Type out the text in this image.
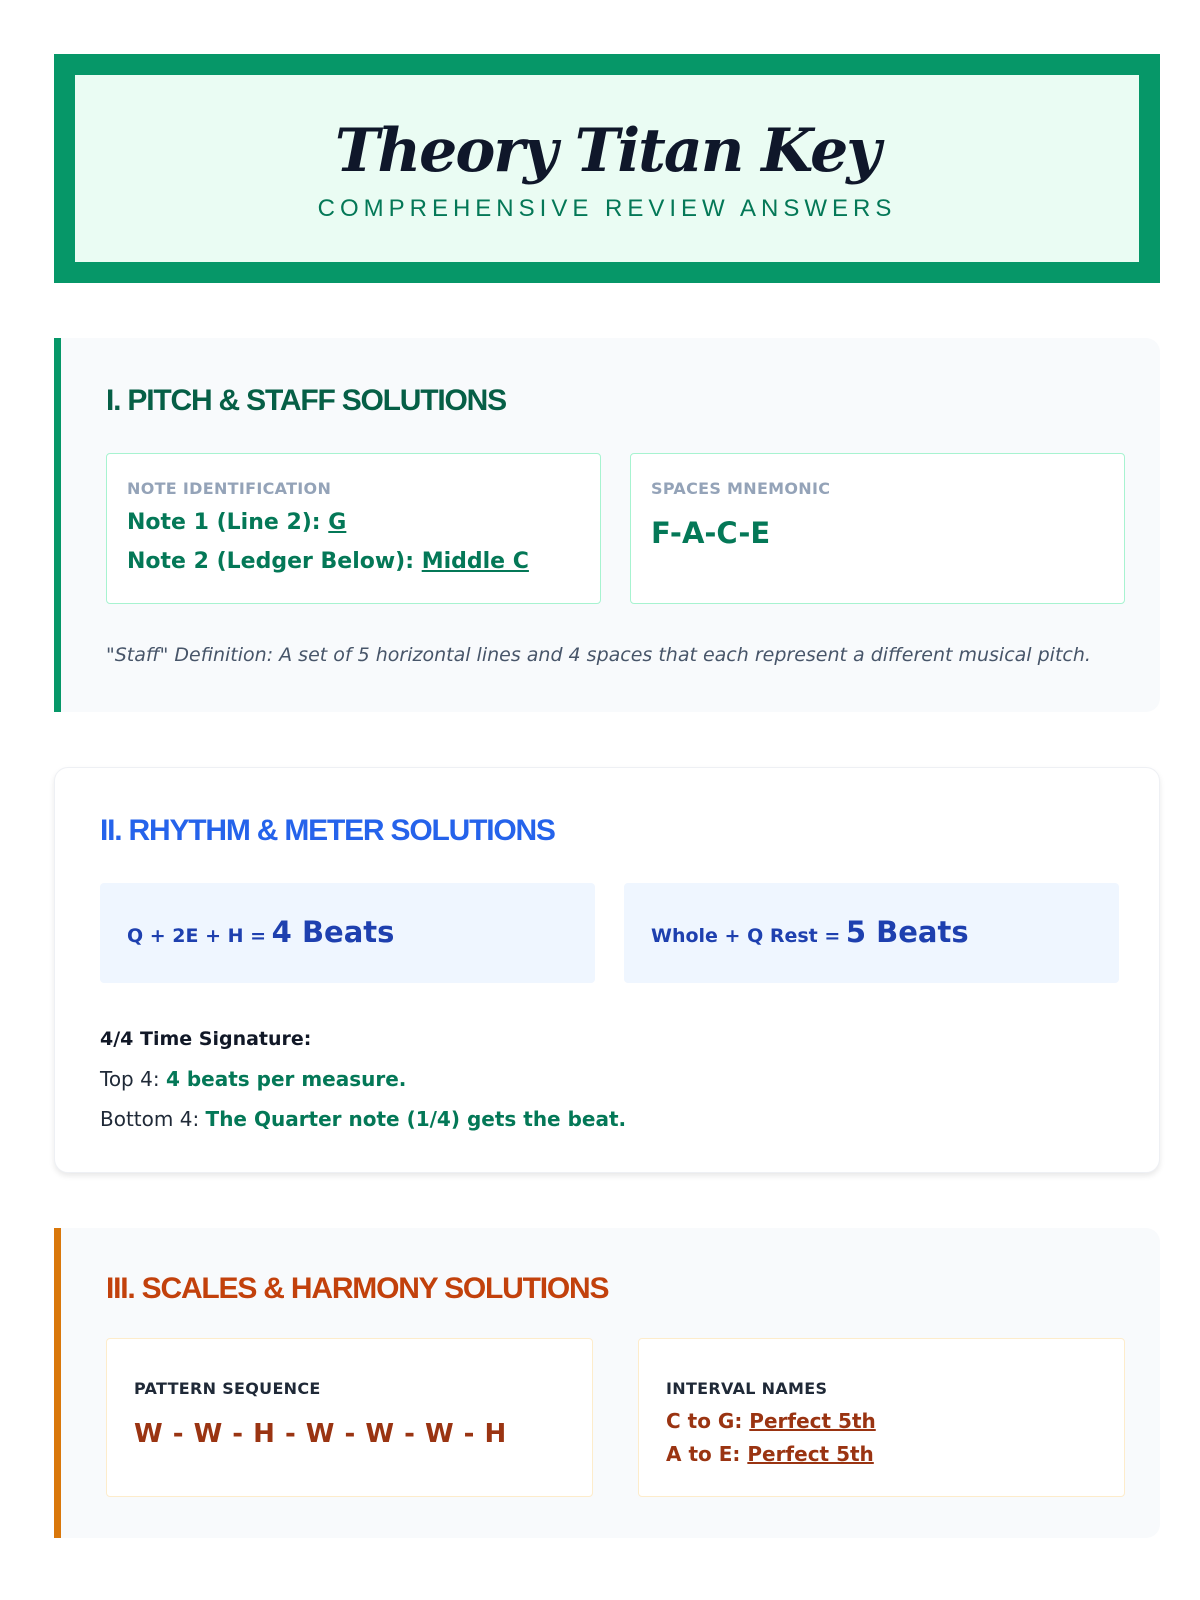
Theory Titan Key
COMPREHENSIVE REVIEW ANSWERS
I. PITCH & STAFF SOLUTIONS
NOTE IDENTIFICATION
Note 1 (Line 2): G
Note 2 (Ledger Below): Middle C
SPACES MNEMONIC
F-A-C-E
"Staff" Definition: A set of 5 horizontal lines and 4 spaces that each represent a different musical pitch.
II. RHYTHM & METER SOLUTIONS
Q + 2E + H = 4 Beats	Whole + Q Rest = 5 Beats
4/4 Time Signature:
Top 4: 4 beats per measure.
Bottom 4: The Quarter note (1/4) gets the beat.
III. SCALES & HARMONY SOLUTIONS
PATTERN SEQUENCE
W - W - H - W - W - W - H
INTERVAL NAMES
C to G: Perfect 5th
A to E: Perfect 5th
